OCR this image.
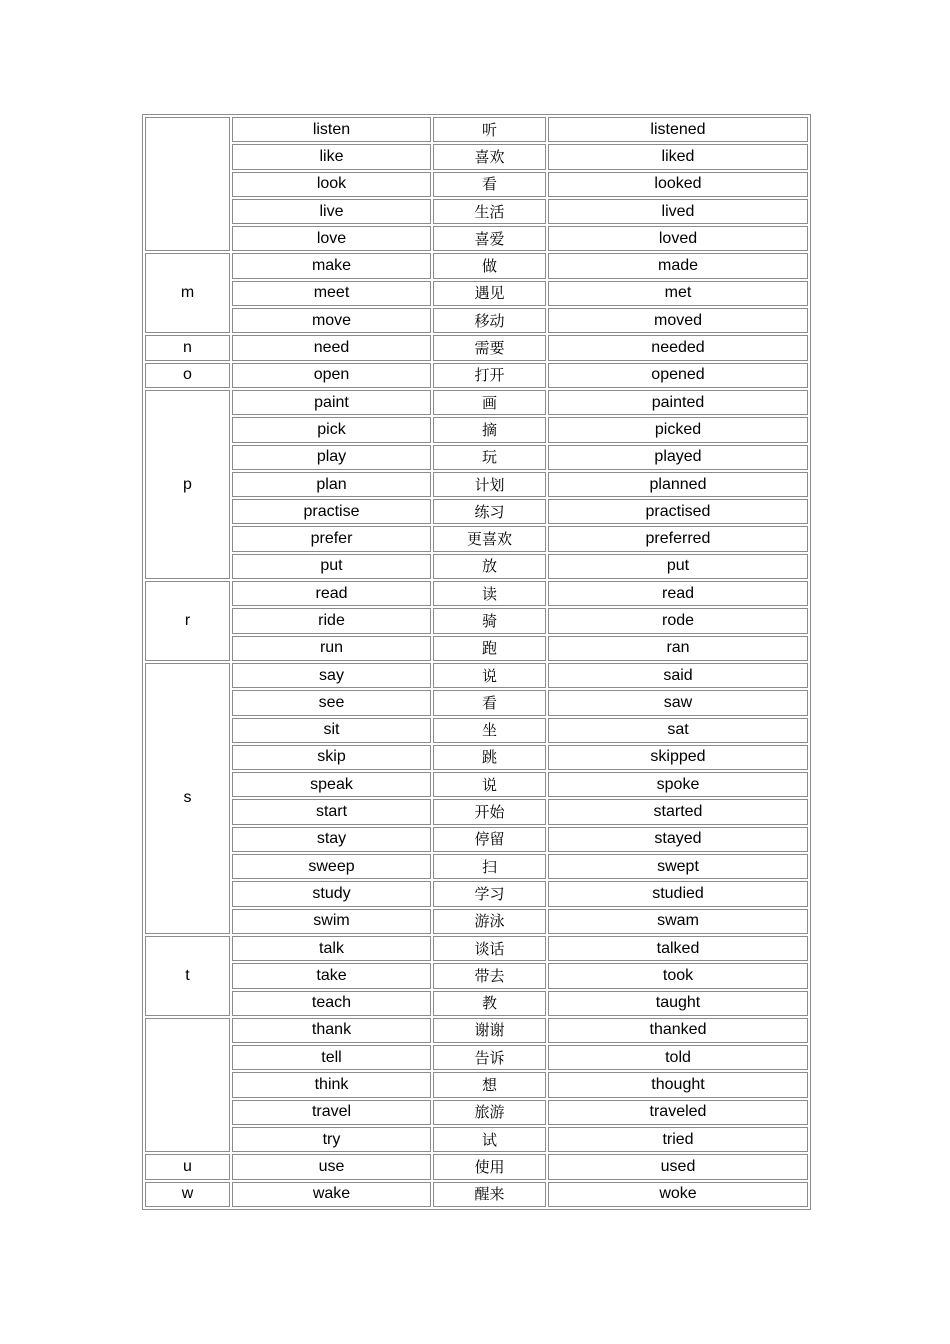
	listen	听	listened
	like	喜欢	liked
	look	看	looked
	live	生活	lived
	love	喜爱	loved
m	make	做	made
	meet	遇见	met
	move	移动	moved
n	need	需要	needed
o	open	打开	opened
p	paint	画	painted
	pick	摘	picked
	play	玩	played
	plan	计划	planned
	practise	练习	practised
	prefer	更喜欢	preferred
	put	放	put
r	read	读	read
	ride	骑	rode
	run	跑	ran
s	say	说	said
	see	看	saw
	sit	坐	sat
	skip	跳	skipped
	speak	说	spoke
	start	开始	started
	stay	停留	stayed
	sweep	扫	swept
	study	学习	studied
	swim	游泳	swam
t	talk	谈话	talked
	take	带去	took
	teach	教	taught
	thank	谢谢	thanked
	tell	告诉	told
	think	想	thought
	travel	旅游	traveled
	try	试	tried
u	use	使用	used
w	wake	醒来	woke
